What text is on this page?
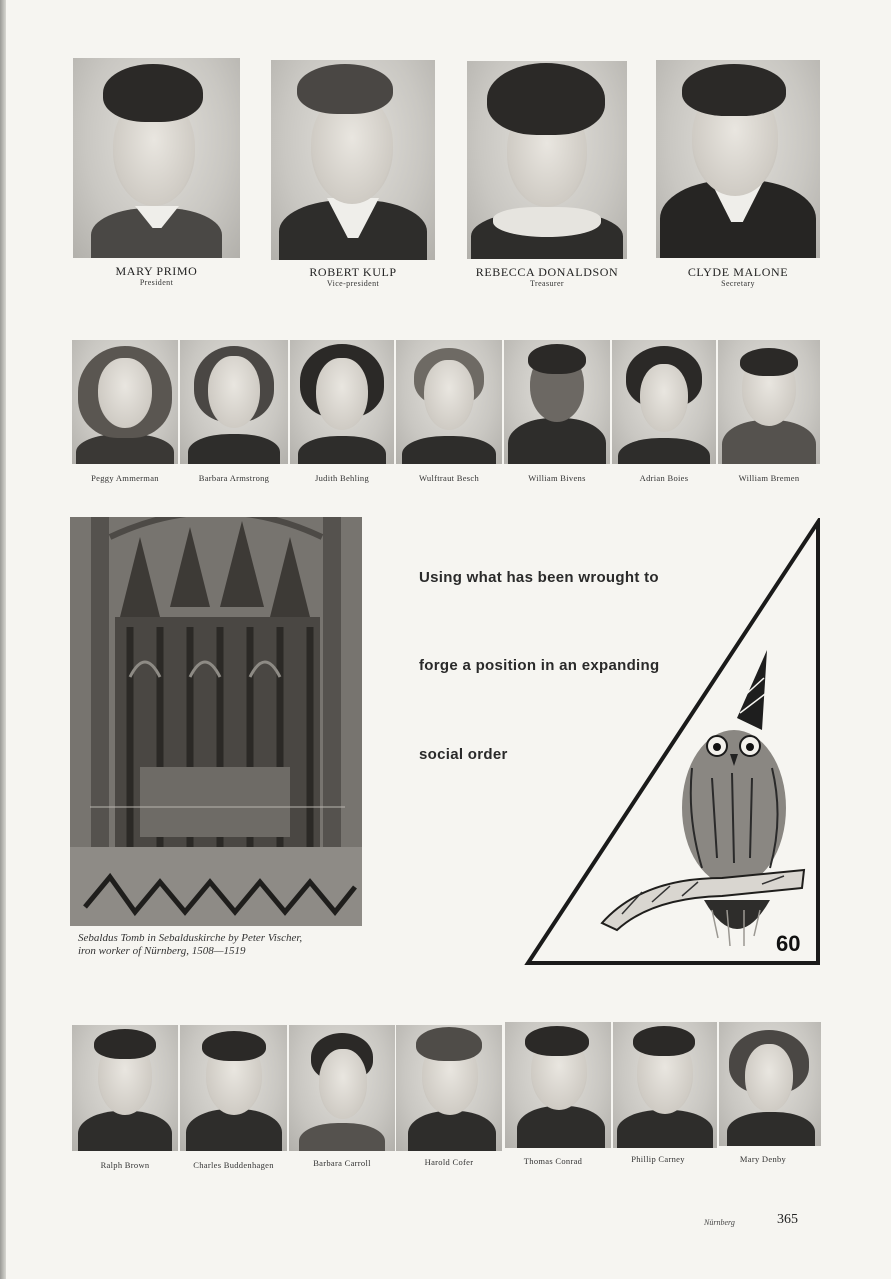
MARY PRIMO
President
ROBERT KULP
Vice-president
REBECCA DONALDSON
Treasurer
CLYDE MALONE
Secretary
Peggy Ammerman	Barbara Armstrong	Judith Behling	Wulftraut Besch	William Bivens	Adrian Boies	William Bremen
Sebaldus Tomb in Sebalduskirche by Peter Vischer,
iron worker of Nürnberg, 1508—1519
Using what has been wrought to
forge a position in an expanding
social order
60
Ralph Brown	Charles Buddenhagen	Barbara Carroll	Harold Cofer	Thomas Conrad	Phillip Carney	Mary Denby
Nürnberg	365
